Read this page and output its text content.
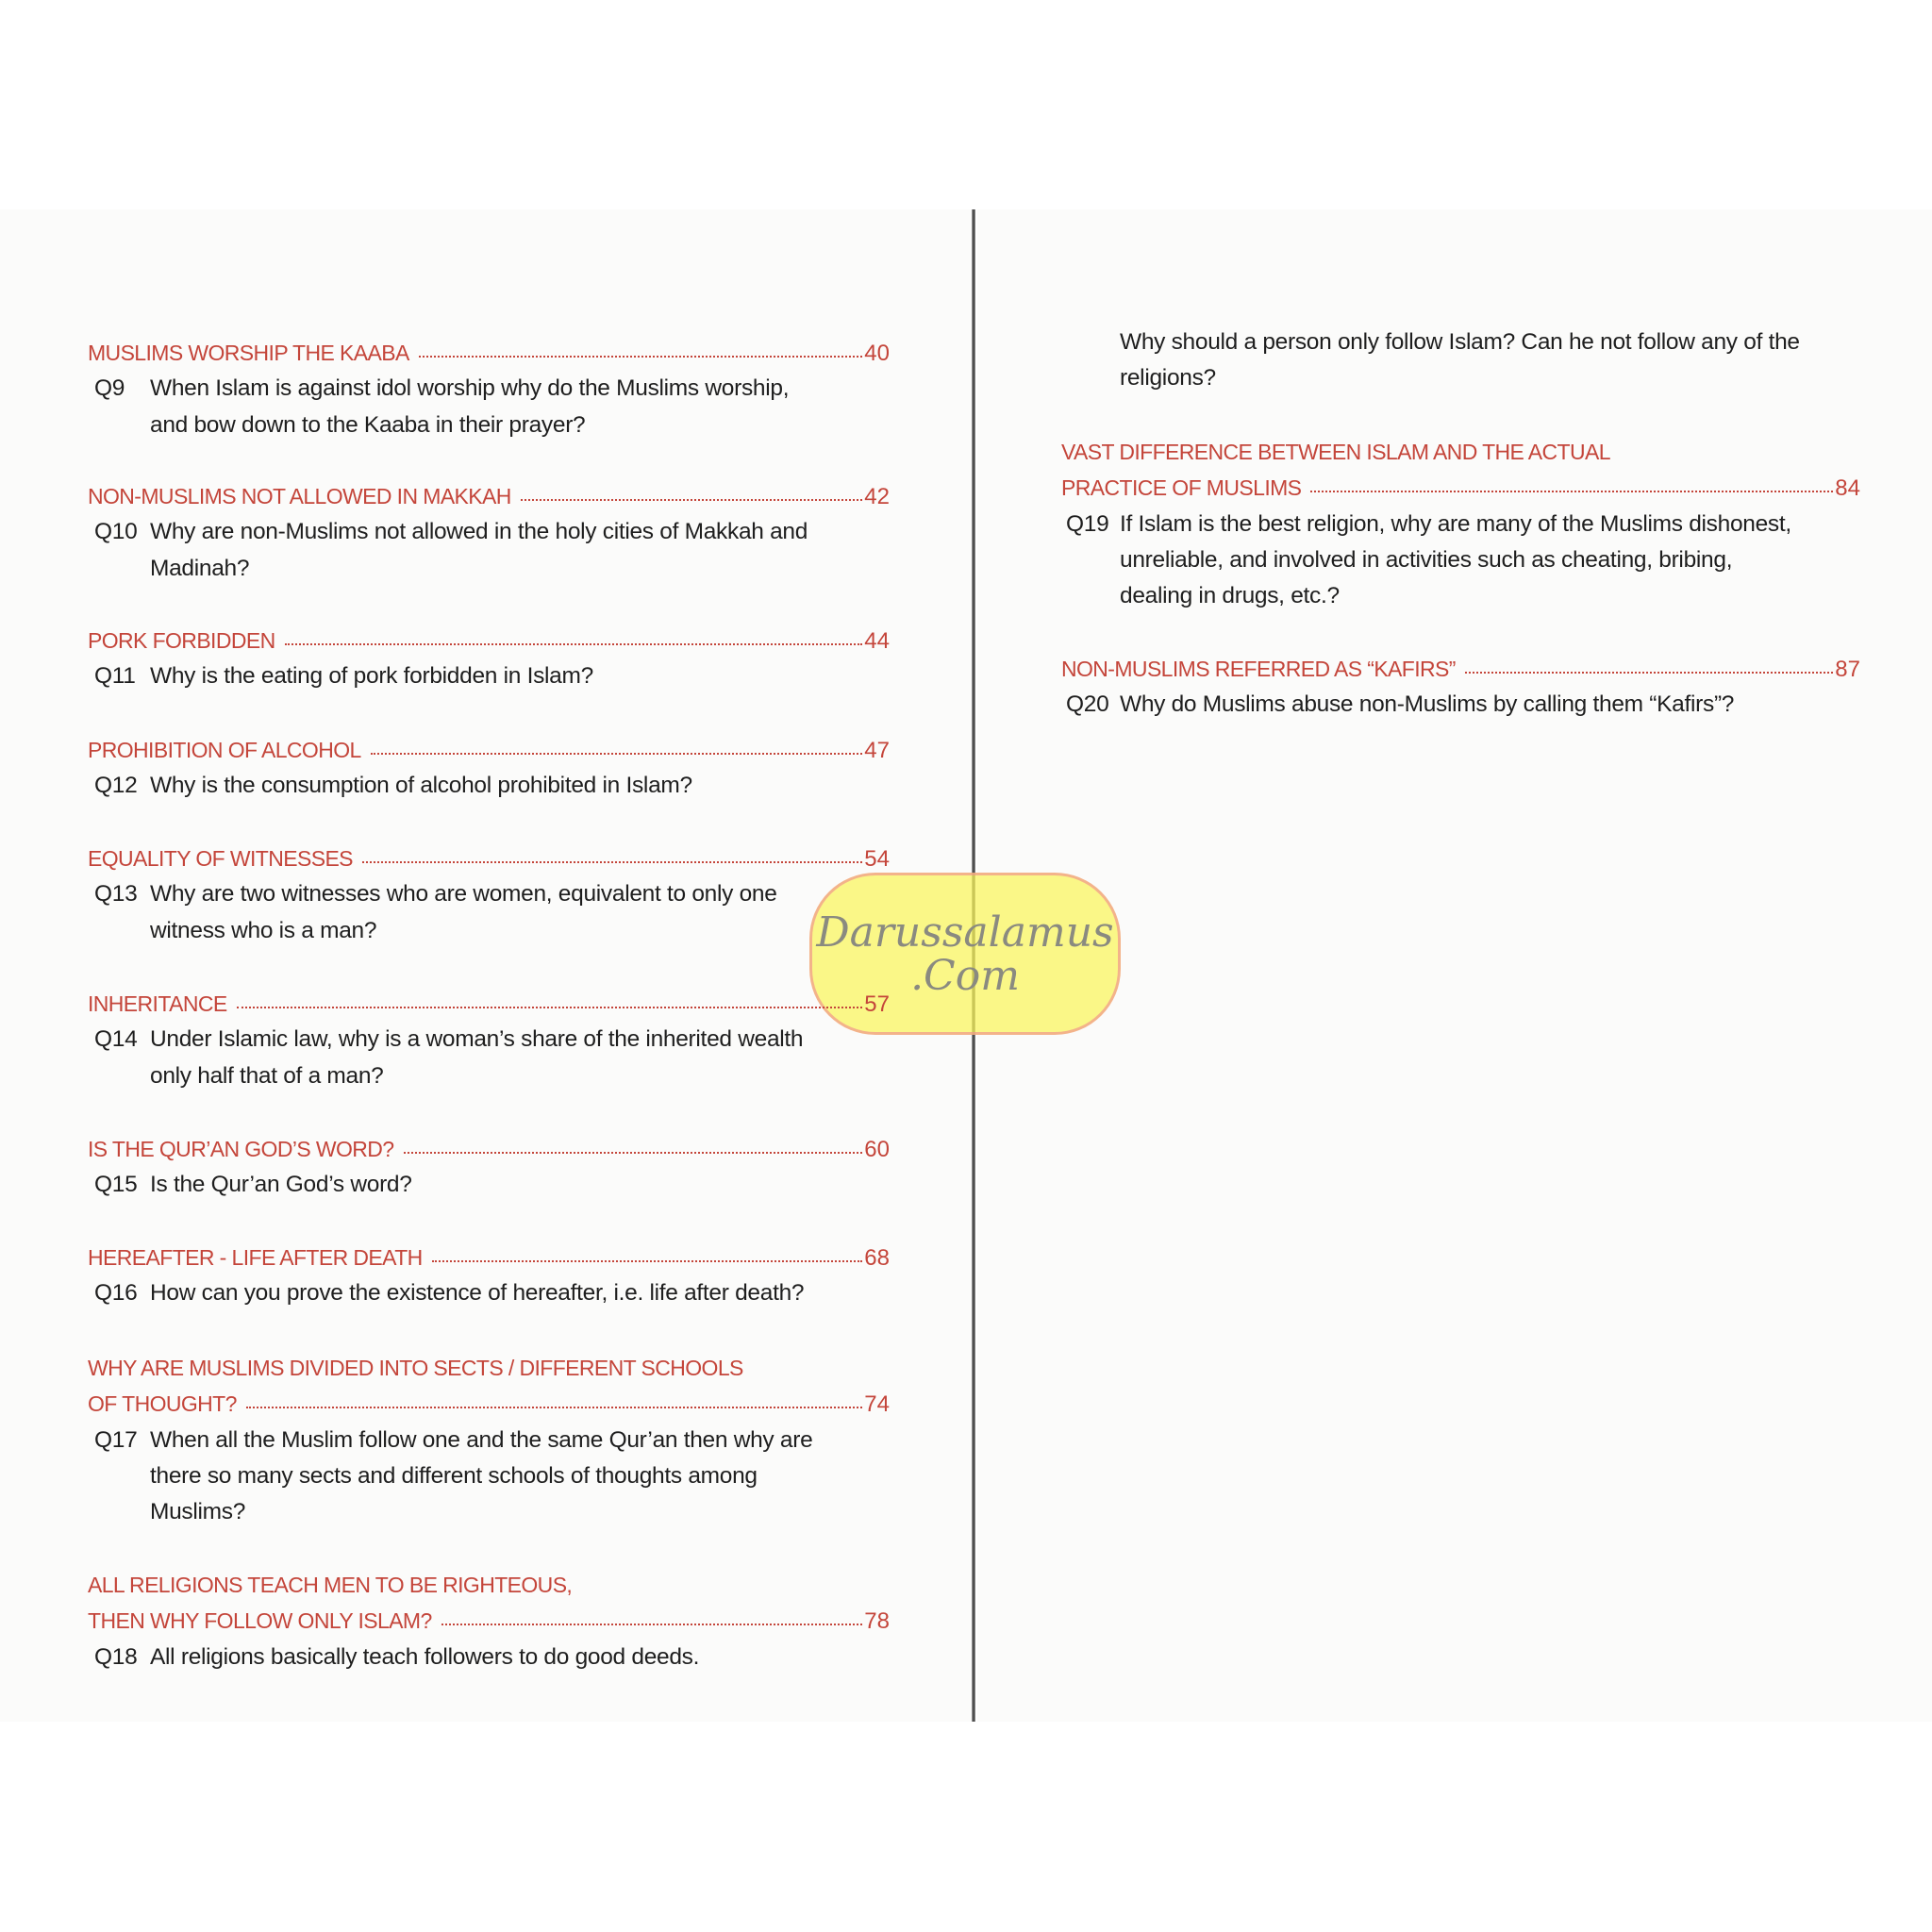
Darussalamus
.Com
MUSLIMS WORSHIP THE KAABA	40
Q9 When Islam is against idol worship why do the Muslims worship,
and bow down to the Kaaba in their prayer?
NON-MUSLIMS NOT ALLOWED IN MAKKAH	42
Q10 Why are non-Muslims not allowed in the holy cities of Makkah and
Madinah?
PORK FORBIDDEN	44
Q11 Why is the eating of pork forbidden in Islam?
PROHIBITION OF ALCOHOL	47
Q12 Why is the consumption of alcohol prohibited in Islam?
EQUALITY OF WITNESSES	54
Q13 Why are two witnesses who are women, equivalent to only one
witness who is a man?
INHERITANCE	57
Q14 Under Islamic law, why is a woman’s share of the inherited wealth
only half that of a man?
IS THE QUR’AN GOD’S WORD?	60
Q15 Is the Qur’an God’s word?
HEREAFTER - LIFE AFTER DEATH	68
Q16 How can you prove the existence of hereafter, i.e. life after death?
WHY ARE MUSLIMS DIVIDED INTO SECTS / DIFFERENT SCHOOLS
OF THOUGHT?	74
Q17 When all the Muslim follow one and the same Qur’an then why are
there so many sects and different schools of thoughts among
Muslims?
ALL RELIGIONS TEACH MEN TO BE RIGHTEOUS,
THEN WHY FOLLOW ONLY ISLAM?	78
Q18 All religions basically teach followers to do good deeds.
Why should a person only follow Islam? Can he not follow any of the
religions?
VAST DIFFERENCE BETWEEN ISLAM AND THE ACTUAL
PRACTICE OF MUSLIMS	84
Q19 If Islam is the best religion, why are many of the Muslims dishonest,
unreliable, and involved in activities such as cheating, bribing,
dealing in drugs, etc.?
NON-MUSLIMS REFERRED AS “KAFIRS”	87
Q20 Why do Muslims abuse non-Muslims by calling them “Kafirs”?
